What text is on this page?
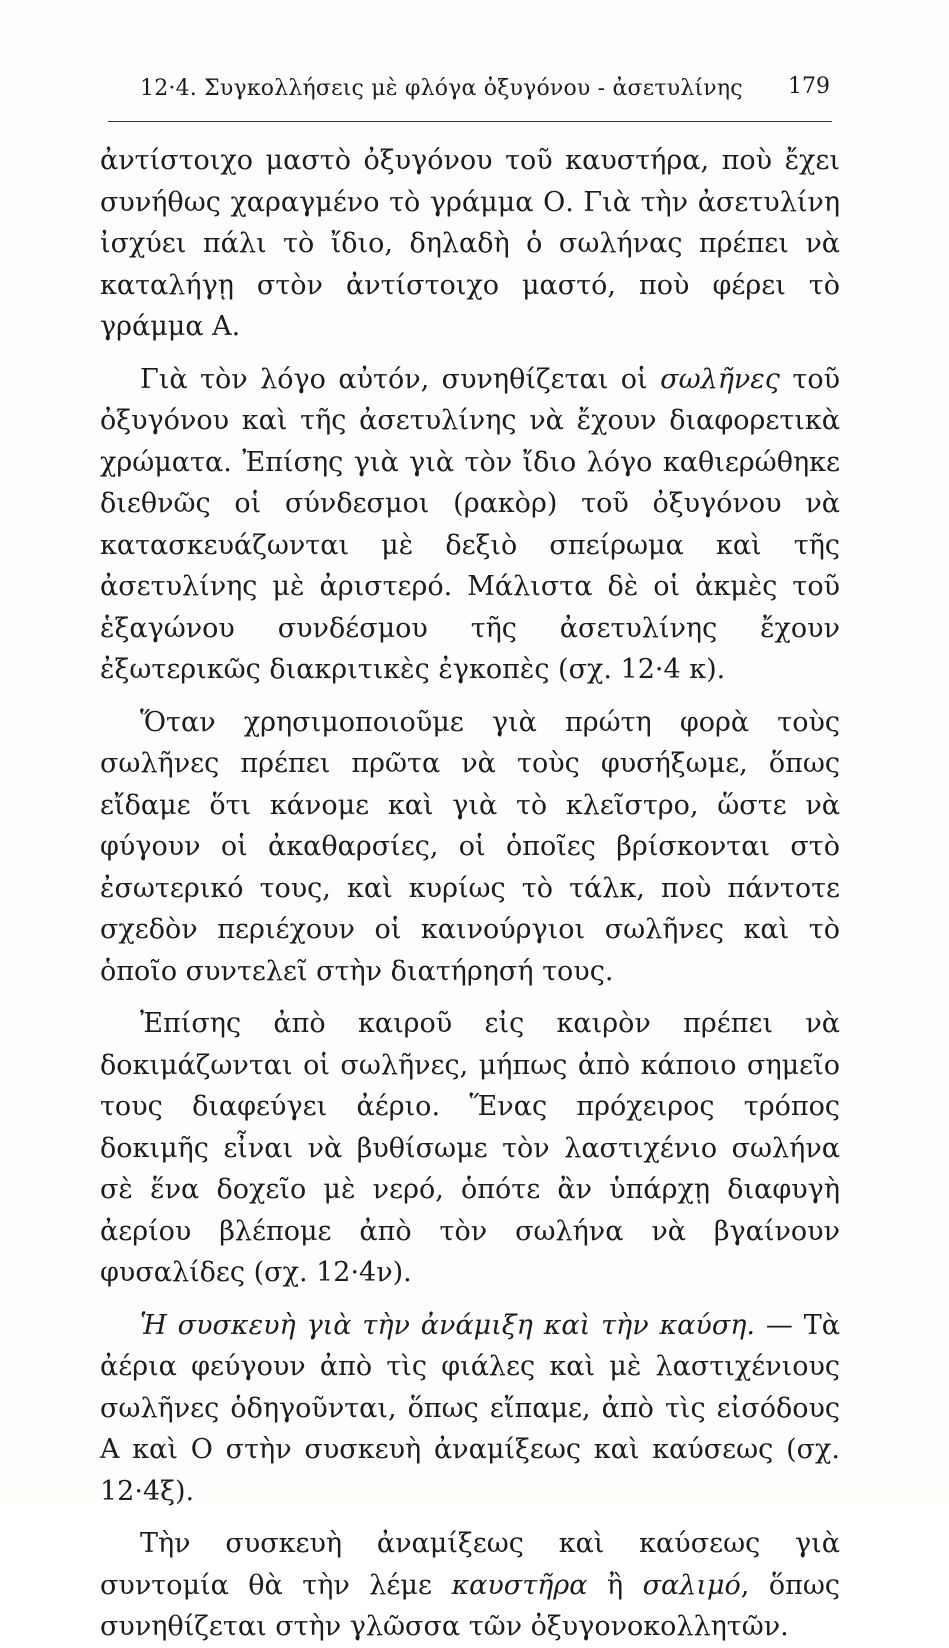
12·4. Συγκολλήσεις μὲ φλόγα ὀξυγόνου - ἀσετυλίνης 179

ἀντίστοιχο μαστὸ ὀξυγόνου τοῦ καυστήρα, ποὺ ἔχει συνήθως χαραγμένο τὸ γράμμα Ο. Γιὰ τὴν ἀσετυλίνη ἰσχύει πάλι τὸ ἴδιο, δηλαδὴ ὁ σωλήνας πρέπει νὰ καταλήγῃ στὸν ἀντίστοιχο μαστό, ποὺ φέρει τὸ γράμμα Α.

Γιὰ τὸν λόγο αὐτόν, συνηθίζεται οἱ σωλῆνες τοῦ ὀξυγόνου καὶ τῆς ἀσετυλίνης νὰ ἔχουν διαφορετικὰ χρώματα. Ἐπίσης γιὰ γιὰ τὸν ἴδιο λόγο καθιερώθηκε διεθνῶς οἱ σύνδεσμοι (ρακὸρ) τοῦ ὀξυγόνου νὰ κατασκευάζωνται μὲ δεξιὸ σπείρωμα καὶ τῆς ἀσετυλίνης μὲ ἀριστερό. Μάλιστα δὲ οἱ ἀκμὲς τοῦ ἑξαγώνου συνδέσμου τῆς ἀσετυλίνης ἔχουν ἐξωτερικῶς διακριτικὲς ἐγκοπὲς (σχ. 12·4 κ).

Ὅταν χρησιμοποιοῦμε γιὰ πρώτη φορὰ τοὺς σωλῆνες πρέπει πρῶτα νὰ τοὺς φυσήξωμε, ὅπως εἴδαμε ὅτι κάνομε καὶ γιὰ τὸ κλεῖστρο, ὥστε νὰ φύγουν οἱ ἀκαθαρσίες, οἱ ὁποῖες βρίσκονται στὸ ἐσωτερικό τους, καὶ κυρίως τὸ τάλκ, ποὺ πάντοτε σχεδὸν περιέχουν οἱ καινούργιοι σωλῆνες καὶ τὸ ὁποῖο συντελεῖ στὴν διατήρησή τους.

Ἐπίσης ἀπὸ καιροῦ εἰς καιρὸν πρέπει νὰ δοκιμάζωνται οἱ σωλῆνες, μήπως ἀπὸ κάποιο σημεῖο τους διαφεύγει ἀέριο. Ἕνας πρόχειρος τρόπος δοκιμῆς εἶναι νὰ βυθίσωμε τὸν λαστιχένιο σωλήνα σὲ ἕνα δοχεῖο μὲ νερό, ὁπότε ἂν ὑπάρχῃ διαφυγὴ ἀερίου βλέπομε ἀπὸ τὸν σωλήνα νὰ βγαίνουν φυσαλίδες (σχ. 12·4ν).

Ἡ συσκευὴ γιὰ τὴν ἀνάμιξη καὶ τὴν καύση. — Τὰ ἀέρια φεύγουν ἀπὸ τὶς φιάλες καὶ μὲ λαστιχένιους σωλῆνες ὁδηγοῦνται, ὅπως εἴπαμε, ἀπὸ τὶς εἰσόδους Α καὶ Ο στὴν συσκευὴ ἀναμίξεως καὶ καύσεως (σχ. 12·4ξ).

Τὴν συσκευὴ ἀναμίξεως καὶ καύσεως γιὰ συντομία θὰ τὴν λέμε καυστῆρα ἢ σαλιμό, ὅπως συνηθίζεται στὴν γλῶσσα τῶν ὀξυγονοκολλητῶν.
